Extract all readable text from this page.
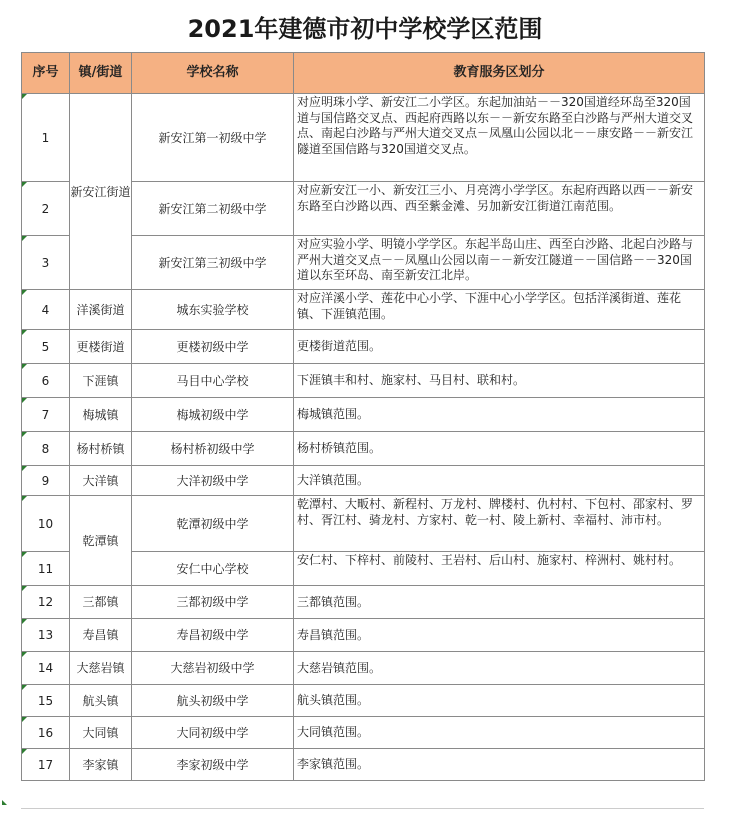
2021年建德市初中学校学区范围
序号	镇/街道	学校名称	教育服务区划分
1	新安江街道	新安江第一初级中学	对应明珠小学、新安江二小学区。东起加油站－－320国道经环岛至320国道与国信路交叉点、西起府西路以东－－新安东路至白沙路与严州大道交叉点、南起白沙路与严州大道交叉点－凤凰山公园以北－－康安路－－新安江隧道至国信路与320国道交叉点。
2		新安江第二初级中学	对应新安江一小、新安江三小、月亮湾小学学区。东起府西路以西－－新安东路至白沙路以西、西至紫金滩、另加新安江街道江南范围。
3		新安江第三初级中学	对应实验小学、明镜小学学区。东起半岛山庄、西至白沙路、北起白沙路与严州大道交叉点－－凤凰山公园以南－－新安江隧道－－国信路－－320国道以东至环岛、南至新安江北岸。
4	洋溪街道	城东实验学校	对应洋溪小学、莲花中心小学、下涯中心小学学区。包括洋溪街道、莲花镇、下涯镇范围。
5	更楼街道	更楼初级中学	更楼街道范围。
6	下涯镇	马目中心学校	下涯镇丰和村、施家村、马目村、联和村。
7	梅城镇	梅城初级中学	梅城镇范围。
8	杨村桥镇	杨村桥初级中学	杨村桥镇范围。
9	大洋镇	大洋初级中学	大洋镇范围。
10	乾潭镇	乾潭初级中学	乾潭村、大畈村、新程村、万龙村、牌楼村、仇村村、下包村、邵家村、罗村、胥江村、骑龙村、方家村、乾一村、陵上新村、幸福村、沛市村。
11		安仁中心学校	安仁村、下梓村、前陵村、王岩村、后山村、施家村、梓洲村、姚村村。
12	三都镇	三都初级中学	三都镇范围。
13	寿昌镇	寿昌初级中学	寿昌镇范围。
14	大慈岩镇	大慈岩初级中学	大慈岩镇范围。
15	航头镇	航头初级中学	航头镇范围。
16	大同镇	大同初级中学	大同镇范围。
17	李家镇	李家初级中学	李家镇范围。
